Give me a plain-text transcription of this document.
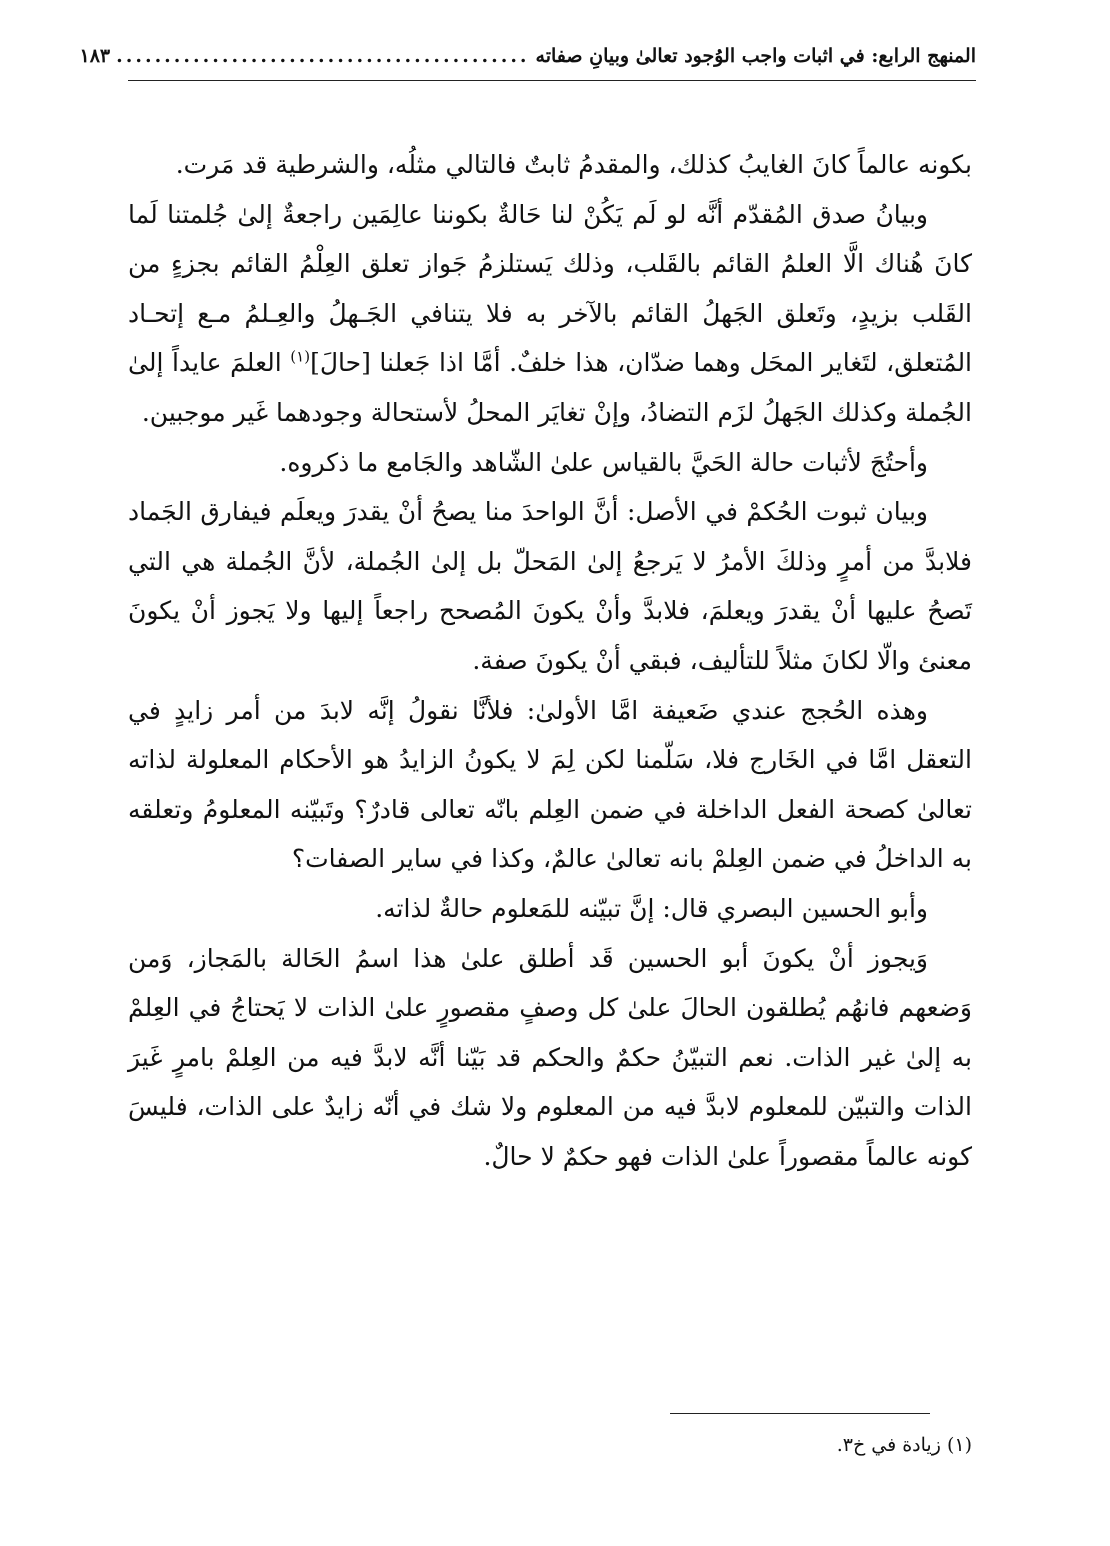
المنهج الرابع: في اثبات واجب الوُجود تعالىٰ وبيانِ صفاته
...........................................
١٨٣

بكونه عالماً كانَ الغايبُ كذلك، والمقدمُ ثابتٌ فالتالي مثلُه، والشرطية قد مَرت.

وبيانُ صدق المُقدّم أنَّه لو لَم يَكُنْ لنا حَالةٌ بكوننا عالِمَين راجعةٌ إلىٰ جُلمتنا لَما كانَ هُناك الَّا العلمُ القائم بالقَلب، وذلك يَستلزمُ جَواز تعلق العِلْمُ القائم بجزءٍ من القَلب بزيدٍ، وتَعلق الجَهلُ القائم بالآخر به فلا يتنافي الجَـهلُ والعِـلمُ مـع إتحـاد المُتعلق، لتَغاير المحَل وهما ضدّان، هذا خلفٌ. أمَّا اذا جَعلنا [حالَ]$^{(١)}$ العلمَ عايداً إلىٰ الجُملة وكذلك الجَهلُ لزَم التضادُ، وإنْ تغايَر المحلُ لأستحالة وجودهما غَير موجبين.

وأحتُجَ لأثبات حالة الحَيَّ بالقياس علىٰ الشّاهد والجَامع ما ذكروه.

وبيان ثبوت الحُكمْ في الأصل: أنَّ الواحدَ منا يصحُ أنْ يقدرَ ويعلَم فيفارق الجَماد فلابدَّ من أمرٍ وذلكَ الأمرُ لا يَرجعُ إلىٰ المَحلّ بل إلىٰ الجُملة، لأنَّ الجُملة هي التي تَصحُ عليها أنْ يقدرَ ويعلمَ، فلابدَّ وأنْ يكونَ المُصحح راجعاً إليها ولا يَجوز أنْ يكونَ معنئ والّا لكانَ مثلاً للتأليف، فبقي أنْ يكونَ صفة.

وهذه الحُجج عندي ضَعيفة امَّا الأولىٰ: فلأنَّا نقولُ إنَّه لابدَ من أمر زايدٍ في التعقل امَّا في الخَارج فلا، سَلّمنا لكن لِمَ لا يكونُ الزايدُ هو الأحكام المعلولة لذاته تعالىٰ كصحة الفعل الداخلة في ضمن العِلم بانّه تعالى قادرٌ؟ وتَبيّنه المعلومُ وتعلقه به الداخلُ في ضمن العِلمْ بانه تعالىٰ عالمٌ، وكذا في ساير الصفات؟

وأبو الحسين البصري قال: إنَّ تبيّنه للمَعلوم حالةٌ لذاته.

وَيجوز أنْ يكونَ أبو الحسين قَد أطلق علىٰ هذا اسمُ الحَالة بالمَجاز، وَمن وَضعهم فانهُم يُطلقون الحالَ علىٰ كل وصفٍ مقصورٍ علىٰ الذات لا يَحتاجُ في العِلمْ به إلىٰ غير الذات. نعم التبيّنُ حكمٌ والحكم قد بَيّنا أنَّه لابدَّ فيه من العِلمْ بامرٍ غَيرَ الذات والتبيّن للمعلوم لابدَّ فيه من المعلوم ولا شك في أنّه زايدٌ على الذات، فليسَ كونه عالماً مقصوراً علىٰ الذات فهو حكمٌ لا حالٌ.

(١) زيادة في خ٣.
